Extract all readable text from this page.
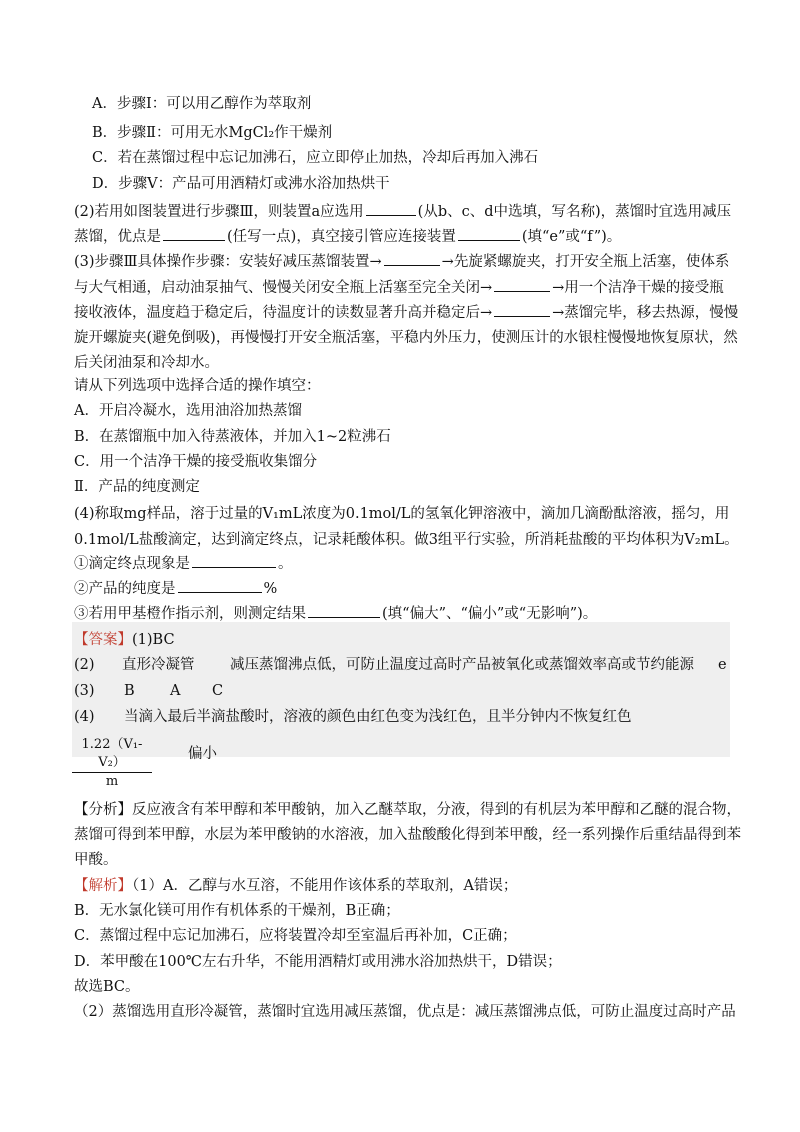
A．步骤Ⅰ：可以用乙醇作为萃取剂
B．步骤Ⅱ：可用无水MgCl₂作干燥剂
C．若在蒸馏过程中忘记加沸石，应立即停止加热，冷却后再加入沸石
D．步骤Ⅴ：产品可用酒精灯或沸水浴加热烘干
(2)若用如图装置进行步骤Ⅲ，则装置a应选用	(从b、c、d中选填，写名称)，蒸馏时宜选用减压
蒸馏，优点是	(任写一点)，真空接引管应连接装置	(填“e”或“f”)。
(3)步骤Ⅲ具体操作步骤：安装好减压蒸馏装置→	→先旋紧螺旋夹，打开安全瓶上活塞，使体系
与大气相通，启动油泵抽气、慢慢关闭安全瓶上活塞至完全关闭→	→用一个洁净干燥的接受瓶
接收液体，温度趋于稳定后，待温度计的读数显著升高并稳定后→	→蒸馏完毕，移去热源，慢慢
旋开螺旋夹(避免倒吸)，再慢慢打开安全瓶活塞，平稳内外压力，使测压计的水银柱慢慢地恢复原状，然
后关闭油泵和冷却水。
请从下列选项中选择合适的操作填空：
A．开启冷凝水，选用油浴加热蒸馏
B．在蒸馏瓶中加入待蒸液体，并加入1~2粒沸石
C．用一个洁净干燥的接受瓶收集馏分
Ⅱ．产品的纯度测定
(4)称取mg样品，溶于过量的V₁mL浓度为0.1mol/L的氢氧化钾溶液中，滴加几滴酚酞溶液，摇匀，用
0.1mol/L盐酸滴定，达到滴定终点，记录耗酸体积。做3组平行实验，所消耗盐酸的平均体积为V₂mL。
①滴定终点现象是	。
②产品的纯度是	%
③若用甲基橙作指示剂，则测定结果	(填“偏大”、“偏小”或“无影响”)。
【答案】(1)BC
(2) 直形冷凝管 减压蒸馏沸点低，可防止温度过高时产品被氧化或蒸馏效率高或节约能源 e
(3) B A C
(4) 当滴入最后半滴盐酸时，溶液的颜色由红色变为浅红色，且半分钟内不恢复红色
$\frac{\text{1.22（V₁-V₂）}}{m}$ 偏小
【分析】反应液含有苯甲醇和苯甲酸钠，加入乙醚萃取，分液，得到的有机层为苯甲醇和乙醚的混合物，
蒸馏可得到苯甲醇，水层为苯甲酸钠的水溶液，加入盐酸酸化得到苯甲酸，经一系列操作后重结晶得到苯
甲酸。
【解析】（1）A．乙醇与水互溶，不能用作该体系的萃取剂，A错误；
B．无水氯化镁可用作有机体系的干燥剂，B正确；
C．蒸馏过程中忘记加沸石，应将装置冷却至室温后再补加，C正确；
D．苯甲酸在100℃左右升华，不能用酒精灯或用沸水浴加热烘干，D错误；
故选BC。
（2）蒸馏选用直形冷凝管，蒸馏时宜选用减压蒸馏，优点是：减压蒸馏沸点低，可防止温度过高时产品
